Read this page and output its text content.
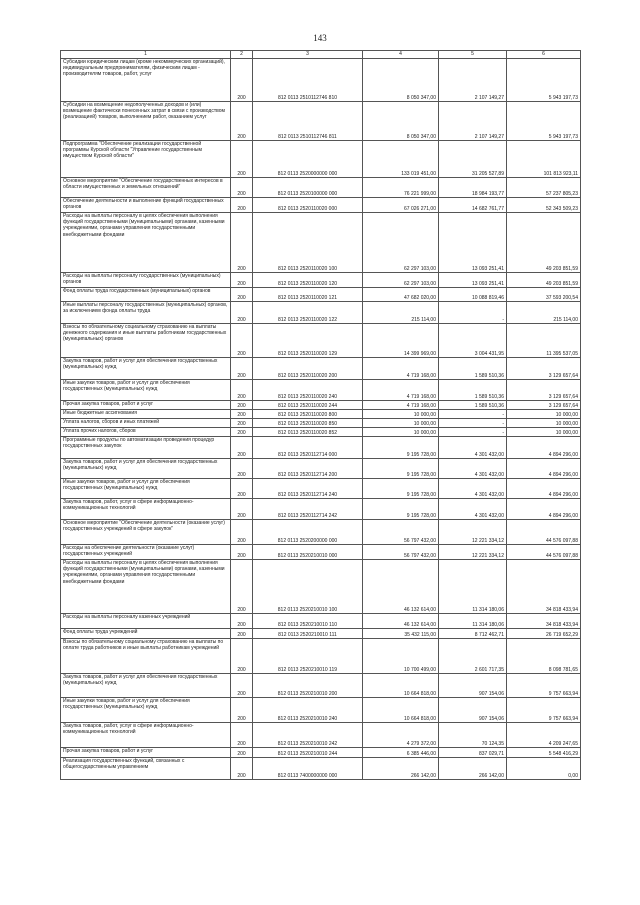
143
1	2	3	4	5	6
Субсидии юридическим лицам (кроме некоммерческих организаций), индивидуальным предпринимателям, физическим лицам - производителям товаров, работ, услуг	200	812 0113 2510112746 810	8 050 347,00	2 107 149,27	5 943 197,73
Субсидии на возмещение недополученных доходов и (или) возмещение фактически понесенных затрат в связи с производством (реализацией) товаров, выполнением работ, оказанием услуг	200	812 0113 2510112746 811	8 050 347,00	2 107 149,27	5 943 197,73
Подпрограмма "Обеспечение реализации государственной программы Курской области "Управление государственным имуществом Курской области"	200	812 0113 2520000000 000	133 019 451,00	31 205 527,89	101 813 923,11
Основное мероприятие "Обеспечение государственных интересов в области имущественных и земельных отношений"	200	812 0113 2520100000 000	76 221 999,00	18 984 193,77	57 237 805,23
Обеспечение деятельности и выполнение функций государственных органов	200	812 0113 2520110020 000	67 026 271,00	14 682 761,77	52 343 509,23
Расходы на выплаты персоналу в целях обеспечения выполнения функций государственными (муниципальными) органами, казенными учреждениями, органами управления государственными внебюджетными фондами	200	812 0113 2520110020 100	62 297 103,00	13 093 251,41	49 203 851,59
Расходы на выплаты персоналу государственных (муниципальных) органов	200	812 0113 2520110020 120	62 297 103,00	13 093 251,41	49 203 851,59
Фонд оплаты труда государственных (муниципальных) органов	200	812 0113 2520110020 121	47 682 020,00	10 088 819,46	37 593 200,54
Иные выплаты персоналу государственных (муниципальных) органов, за исключением фонда оплаты труда	200	812 0113 2520110020 122	215 114,00	-	215 114,00
Взносы по обязательному социальному страхованию на выплаты денежного содержания и иные выплаты работникам государственных (муниципальных) органов	200	812 0113 2520110020 129	14 399 969,00	3 004 431,95	11 395 537,05
Закупка товаров, работ и услуг для обеспечения государственных (муниципальных) нужд	200	812 0113 2520110020 200	4 719 168,00	1 589 510,36	3 129 657,64
Иные закупки товаров, работ и услуг для обеспечения государственных (муниципальных) нужд	200	812 0113 2520110020 240	4 719 168,00	1 589 510,36	3 129 657,64
Прочая закупка товаров, работ и услуг	200	812 0113 2520110020 244	4 719 168,00	1 589 510,36	3 129 657,64
Иные бюджетные ассигнования	200	812 0113 2520110020 800	10 000,00	-	10 000,00
Уплата налогов, сборов и иных платежей	200	812 0113 2520110020 850	10 000,00	-	10 000,00
Уплата прочих налогов, сборов	200	812 0113 2520110020 852	10 000,00	-	10 000,00
Программные продукты по автоматизации проведения процедур государственных закупок	200	812 0113 2520112714 000	9 195 728,00	4 301 432,00	4 894 296,00
Закупка товаров, работ и услуг для обеспечения государственных (муниципальных) нужд	200	812 0113 2520112714 200	9 195 728,00	4 301 432,00	4 894 296,00
Иные закупки товаров, работ и услуг для обеспечения государственных (муниципальных) нужд	200	812 0113 2520112714 240	9 195 728,00	4 301 432,00	4 894 296,00
Закупка товаров, работ, услуг в сфере информационно-коммуникационных технологий	200	812 0113 2520112714 242	9 195 728,00	4 301 432,00	4 894 296,00
Основное мероприятие "Обеспечение деятельности (оказание услуг) государственных учреждений в сфере закупок"	200	812 0113 2520200000 000	56 797 432,00	12 221 334,12	44 576 097,88
Расходы на обеспечение деятельности (оказание услуг) государственных учреждений	200	812 0113 2520210010 000	56 797 432,00	12 221 334,12	44 576 097,88
Расходы на выплаты персоналу в целях обеспечения выполнения функций государственными (муниципальными) органами, казенными учреждениями, органами управления государственными внебюджетными фондами	200	812 0113 2520210010 100	46 132 614,00	11 314 180,06	34 818 433,94
Расходы на выплаты персоналу казенных учреждений	200	812 0113 2520210010 110	46 132 614,00	11 314 180,06	34 818 433,94
Фонд оплаты труда учреждений	200	812 0113 2520210010 111	35 432 115,00	8 712 462,71	26 719 652,29
Взносы по обязательному социальному страхованию на выплаты по оплате труда работников и иные выплаты работникам учреждений	200	812 0113 2520210010 119	10 700 499,00	2 601 717,35	8 098 781,65
Закупка товаров, работ и услуг для обеспечения государственных (муниципальных) нужд	200	812 0113 2520210010 200	10 664 818,00	907 154,06	9 757 663,94
Иные закупки товаров, работ и услуг для обеспечения государственных (муниципальных) нужд	200	812 0113 2520210010 240	10 664 818,00	907 154,06	9 757 663,94
Закупка товаров, работ, услуг в сфере информационно-коммуникационных технологий	200	812 0113 2520210010 242	4 279 372,00	70 124,35	4 209 247,65
Прочая закупка товаров, работ и услуг	200	812 0113 2520210010 244	6 385 446,00	837 029,71	5 548 416,29
Реализация государственных функций, связанных с общегосударственным управлением	200	812 0113 7400000000 000	266 142,00	266 142,00	0,00
